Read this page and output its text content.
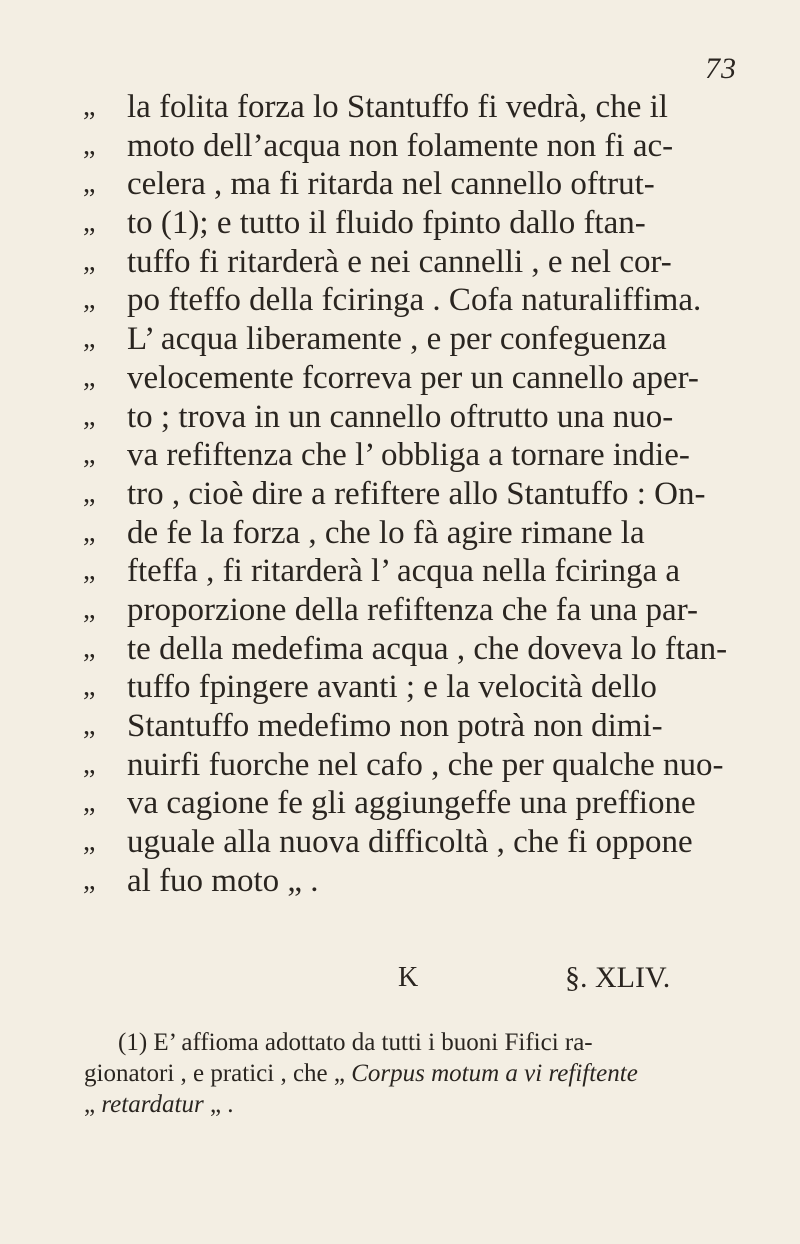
73
„ la folita forza lo Stantuffo fi vedrà, che il
„ moto dell’acqua non folamente non fi ac-
„ celera , ma fi ritarda nel cannello oftrut-
„ to (1); e tutto il fluido fpinto dallo ftan-
„ tuffo fi ritarderà e nei cannelli , e nel cor-
„ po fteffo della fciringa . Cofa naturaliffima.
„ L’ acqua liberamente , e per confeguenza
„ velocemente fcorreva per un cannello aper-
„ to ; trova in un cannello oftrutto una nuo-
„ va refiftenza che l’ obbliga a tornare indie-
„ tro , cioè dire a refiftere allo Stantuffo : On-
„ de fe la forza , che lo fà agire rimane la
„ fteffa , fi ritarderà l’ acqua nella fciringa a
„ proporzione della refiftenza che fa una par-
„ te della medefima acqua , che doveva lo ftan-
„ tuffo fpingere avanti ; e la velocità dello
„ Stantuffo medefimo non potrà non dimi-
„ nuirfi fuorche nel cafo , che per qualche nuo-
„ va cagione fe gli aggiungeffe una preffione
„ uguale alla nuova difficoltà , che fi oppone
„ al fuo moto „ .
K	§. XLIV.
(1) E’ affioma adottato da tutti i buoni Fifici ra-
gionatori , e pratici , che „ Corpus motum a vi refiftente
„ retardatur „ .
